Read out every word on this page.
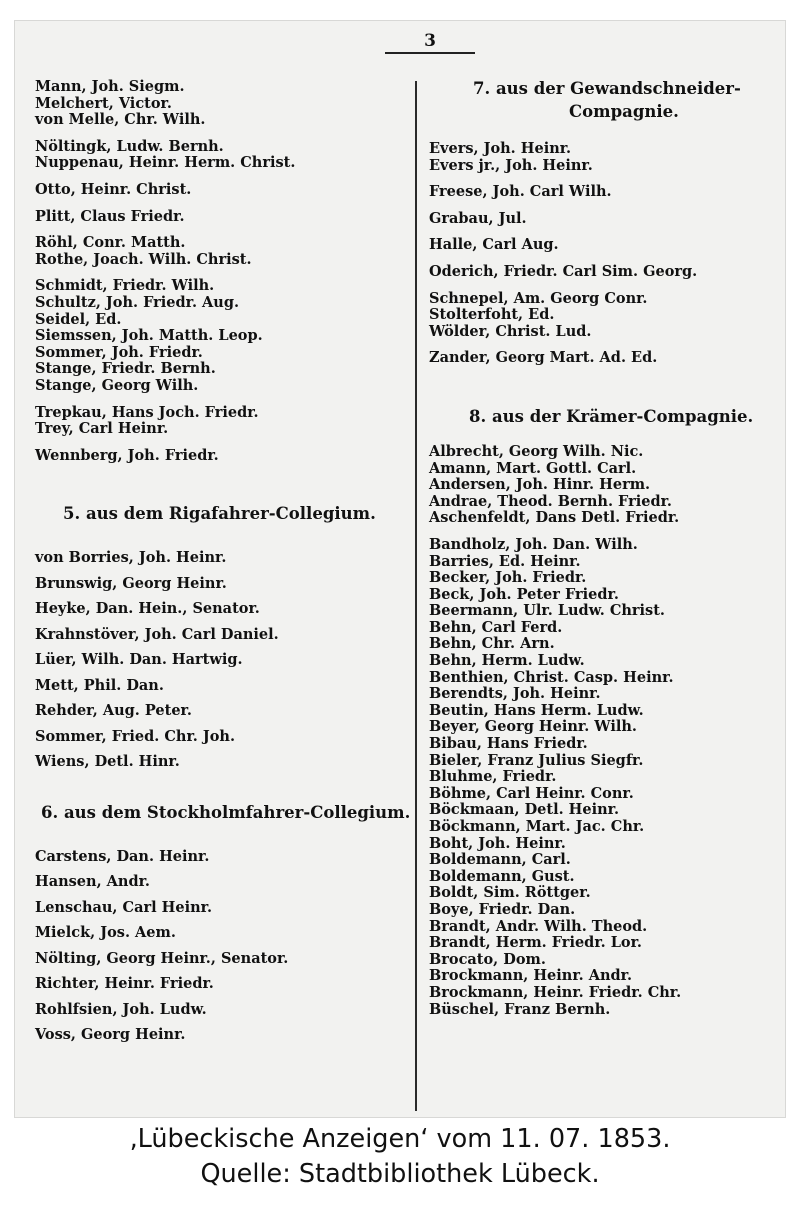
3
Mann, Joh. Siegm.
Melchert, Victor.
von Melle, Chr. Wilh.
Nöltingk, Ludw. Bernh.
Nuppenau, Heinr. Herm. Christ.
Otto, Heinr. Christ.
Plitt, Claus Friedr.
Röhl, Conr. Matth.
Rothe, Joach. Wilh. Christ.
Schmidt, Friedr. Wilh.
Schultz, Joh. Friedr. Aug.
Seidel, Ed.
Siemssen, Joh. Matth. Leop.
Sommer, Joh. Friedr.
Stange, Friedr. Bernh.
Stange, Georg Wilh.
Trepkau, Hans Joch. Friedr.
Trey, Carl Heinr.
Wennberg, Joh. Friedr.
5. aus dem Rigafahrer-Collegium.
von Borries, Joh. Heinr.
Brunswig, Georg Heinr.
Heyke, Dan. Hein., Senator.
Krahnstöver, Joh. Carl Daniel.
Lüer, Wilh. Dan. Hartwig.
Mett, Phil. Dan.
Rehder, Aug. Peter.
Sommer, Fried. Chr. Joh.
Wiens, Detl. Hinr.
6. aus dem Stockholmfahrer-Collegium.
Carstens, Dan. Heinr.
Hansen, Andr.
Lenschau, Carl Heinr.
Mielck, Jos. Aem.
Nölting, Georg Heinr., Senator.
Richter, Heinr. Friedr.
Rohlfsien, Joh. Ludw.
Voss, Georg Heinr.
7. aus der Gewandschneider-
Compagnie.
Evers, Joh. Heinr.
Evers jr., Joh. Heinr.
Freese, Joh. Carl Wilh.
Grabau, Jul.
Halle, Carl Aug.
Oderich, Friedr. Carl Sim. Georg.
Schnepel, Am. Georg Conr.
Stolterfoht, Ed.
Wölder, Christ. Lud.
Zander, Georg Mart. Ad. Ed.
8. aus der Krämer-Compagnie.
Albrecht, Georg Wilh. Nic.
Amann, Mart. Gottl. Carl.
Andersen, Joh. Hinr. Herm.
Andrae, Theod. Bernh. Friedr.
Aschenfeldt, Dans Detl. Friedr.
Bandholz, Joh. Dan. Wilh.
Barries, Ed. Heinr.
Becker, Joh. Friedr.
Beck, Joh. Peter Friedr.
Beermann, Ulr. Ludw. Christ.
Behn, Carl Ferd.
Behn, Chr. Arn.
Behn, Herm. Ludw.
Benthien, Christ. Casp. Heinr.
Berendts, Joh. Heinr.
Beutin, Hans Herm. Ludw.
Beyer, Georg Heinr. Wilh.
Bibau, Hans Friedr.
Bieler, Franz Julius Siegfr.
Bluhme, Friedr.
Böhme, Carl Heinr. Conr.
Böckmaan, Detl. Heinr.
Böckmann, Mart. Jac. Chr.
Boht, Joh. Heinr.
Boldemann, Carl.
Boldemann, Gust.
Boldt, Sim. Röttger.
Boye, Friedr. Dan.
Brandt, Andr. Wilh. Theod.
Brandt, Herm. Friedr. Lor.
Brocato, Dom.
Brockmann, Heinr. Andr.
Brockmann, Heinr. Friedr. Chr.
Büschel, Franz Bernh.
‚Lübeckische Anzeigen‘ vom 11. 07. 1853.
Quelle: Stadtbibliothek Lübeck.
